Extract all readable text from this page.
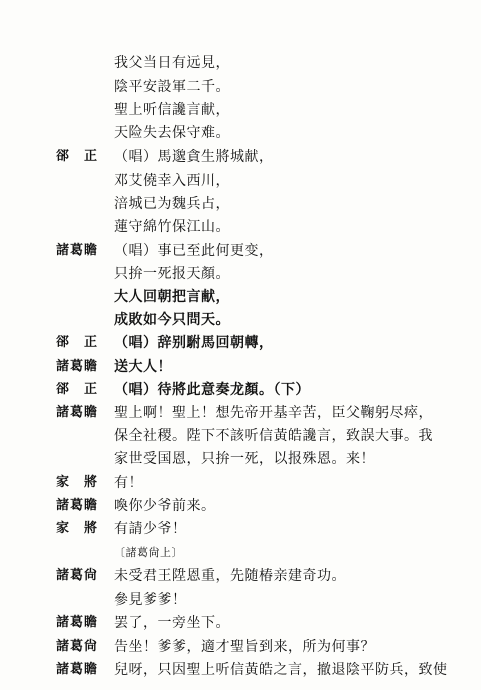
我父当日有远見，
陰平安設軍二千。
聖上听信讒言献，
天险失去保守难。
郤　正	（唱）馬邈貪生將城献，
邓艾僥幸入西川，
涪城已为魏兵占，
蓮守綿竹保江山。
諸葛瞻	（唱）事已至此何更变，
只拚一死报天顏。
大人回朝把言献，
成敗如今只問天。
郤　正	（唱）辞别駙馬回朝轉，
諸葛瞻	送大人！
郤　正	（唱）待將此意奏龙顏。（下）
諸葛瞻	聖上啊！聖上！想先帝开基辛苦，臣父鞠躬尽瘁，
保全社稷。陛下不該听信黃皓讒言，致誤大事。我
家世受国恩，只拚一死，以报殊恩。来！
家　將	有！
諸葛瞻	喚你少爷前来。
家　將	有請少爷！
〔諸葛尙上〕
諸葛尙	未受君王陞恩重，先随椿亲建奇功。
參見爹爹！
諸葛瞻	罢了，一旁坐下。
諸葛尙	告坐！爹爹，適才聖旨到来，所为何事？
諸葛瞻	兒呀，只因聖上听信黃皓之言，撤退陰平防兵，致使
